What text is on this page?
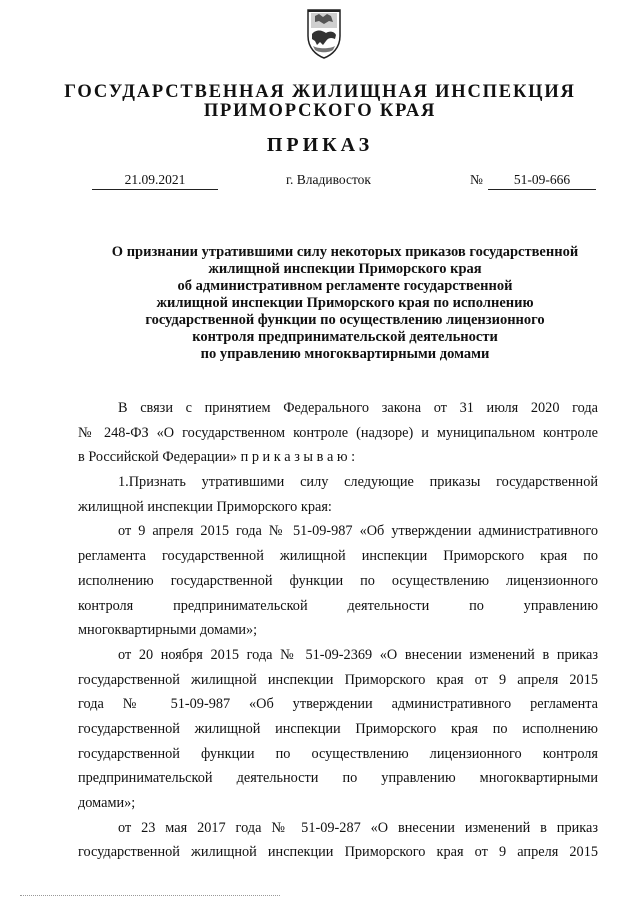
ГОСУДАРСТВЕННАЯ ЖИЛИЩНАЯ ИНСПЕКЦИЯ
ПРИМОРСКОГО КРАЯ
ПРИКАЗ
21.09.2021	г. Владивосток	№	51-09-666
О признании утратившими силу некоторых приказов государственной
жилищной инспекции Приморского края
об административном регламенте государственной
жилищной инспекции Приморского края по исполнению
государственной функции по осуществлению лицензионного
контроля предпринимательской деятельности
по управлению многоквартирными домами
В связи с принятием Федерального закона от 31 июля 2020 года
№ 248-ФЗ «О государственном контроле (надзоре) и муниципальном контроле
в Российской Федерации» п р и к а з ы в а ю :
1.Признать утратившими силу следующие приказы государственной
жилищной инспекции Приморского края:
от 9 апреля 2015 года № 51-09-987 «Об утверждении административного
регламента государственной жилищной инспекции Приморского края по
исполнению государственной функции по осуществлению лицензионного
контроля предпринимательской деятельности по управлению
многоквартирными домами»;
от 20 ноября 2015 года № 51-09-2369 «О внесении изменений в приказ
государственной жилищной инспекции Приморского края от 9 апреля 2015
года № 51-09-987 «Об утверждении административного регламента
государственной жилищной инспекции Приморского края по исполнению
государственной функции по осуществлению лицензионного контроля
предпринимательской деятельности по управлению многоквартирными
домами»;
от 23 мая 2017 года № 51-09-287 «О внесении изменений в приказ
государственной жилищной инспекции Приморского края от 9 апреля 2015
